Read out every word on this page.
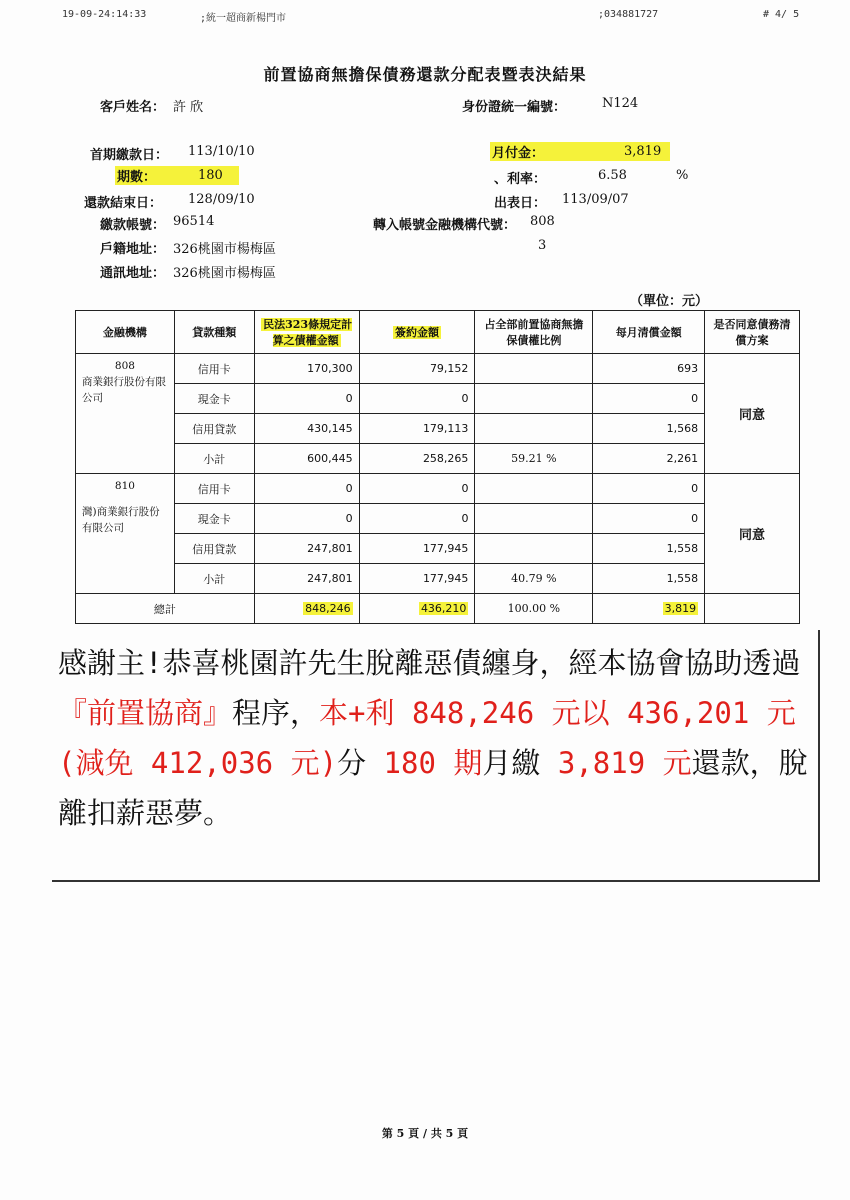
19-09-24:14:33	;統一超商新楊門市	;034881727	# 4/ 5
前置協商無擔保債務還款分配表暨表決結果
客戶姓名： 許 欣	身份證統一編號：	N124
首期繳款日： 113/10/10	月付金：	3,819
期數：	180	、利率：	6.58	%
還款結束日： 128/09/10	出表日： 113/09/07
繳款帳號： 96514	轉入帳號金融機構代號： 808
戶籍地址： 326桃園市楊梅區	3
通訊地址： 326桃園市楊梅區
（單位：元）
金融機構	貸款種類	民法323條規定計算之債權金額	簽約金額	占全部前置協商無擔保債權比例	每月清償金額	是否同意債務清償方案

808
商業銀行股份有限公司	信用卡	170,300	79,152		693	同意
	現金卡	0	0		0	
	信用貸款	430,145	179,113		1,568	
	小計	600,445	258,265	59.21 %	2,261	

810
灣)商業銀行股份有限公司	信用卡	0	0		0	同意
	現金卡	0	0		0	
	信用貸款	247,801	177,945		1,558	
	小計	247,801	177,945	40.79 %	1,558	
總計		848,246	436,210	100.00 %	3,819	
感謝主!恭喜桃園許先生脫離惡債纏身，經本協會協助透過『前置協商』程序，本+利 848,246 元以 436,201 元(減免 412,036 元)分 180 期月繳 3,819 元還款，脫離扣薪惡夢。
第 5 頁 / 共 5 頁
